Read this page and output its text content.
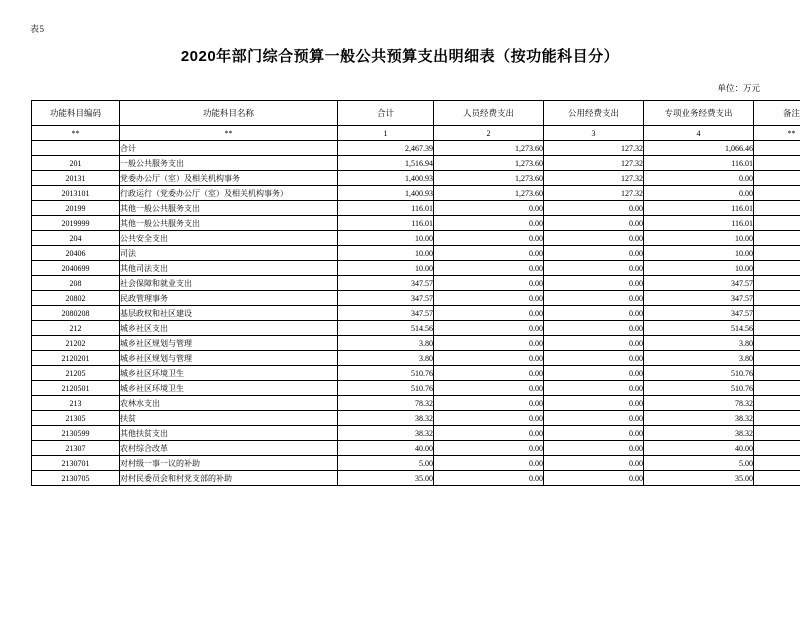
表5
2020年部门综合预算一般公共预算支出明细表（按功能科目分）
单位：万元
功能科目编码	功能科目名称	合计	人员经费支出	公用经费支出	专项业务经费支出	备注
**	**	1	2	3	4	**
	合计	2,467.39	1,273.60	127.32	1,066.46	
201	一般公共服务支出	1,516.94	1,273.60	127.32	116.01	
20131	党委办公厅（室）及相关机构事务	1,400.93	1,273.60	127.32	0.00	
2013101	行政运行（党委办公厅（室）及相关机构事务）	1,400.93	1,273.60	127.32	0.00	
20199	其他一般公共服务支出	116.01	0.00	0.00	116.01	
2019999	其他一般公共服务支出	116.01	0.00	0.00	116.01	
204	公共安全支出	10.00	0.00	0.00	10.00	
20406	司法	10.00	0.00	0.00	10.00	
2040699	其他司法支出	10.00	0.00	0.00	10.00	
208	社会保障和就业支出	347.57	0.00	0.00	347.57	
20802	民政管理事务	347.57	0.00	0.00	347.57	
2080208	基层政权和社区建设	347.57	0.00	0.00	347.57	
212	城乡社区支出	514.56	0.00	0.00	514.56	
21202	城乡社区规划与管理	3.80	0.00	0.00	3.80	
2120201	城乡社区规划与管理	3.80	0.00	0.00	3.80	
21205	城乡社区环境卫生	510.76	0.00	0.00	510.76	
2120501	城乡社区环境卫生	510.76	0.00	0.00	510.76	
213	农林水支出	78.32	0.00	0.00	78.32	
21305	扶贫	38.32	0.00	0.00	38.32	
2130599	其他扶贫支出	38.32	0.00	0.00	38.32	
21307	农村综合改革	40.00	0.00	0.00	40.00	
2130701	对村级一事一议的补助	5.00	0.00	0.00	5.00	
2130705	对村民委员会和村党支部的补助	35.00	0.00	0.00	35.00	
